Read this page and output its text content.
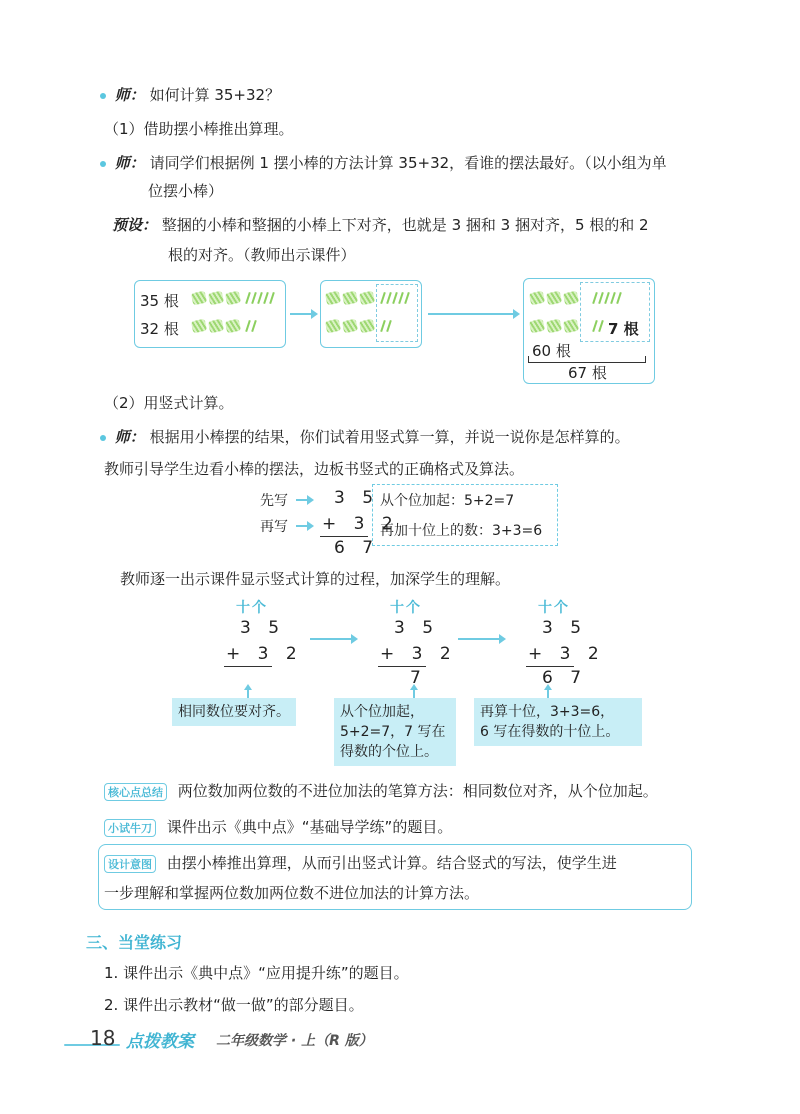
师： 如何计算 35+32？
（1）借助摆小棒推出算理。
师： 请同学们根据例 1 摆小棒的方法计算 35+32，看谁的摆法最好。（以小组为单
位摆小棒）
预设： 整捆的小棒和整捆的小棒上下对齐，也就是 3 捆和 3 捆对齐，5 根的和 2
根的对齐。（教师出示课件）
35 根
32 根	7 根
60 根
67 根
（2）用竖式计算。
师： 根据用小棒摆的结果，你们试着用竖式算一算，并说一说你是怎样算的。
教师引导学生边看小棒的摆法，边板书竖式的正确格式及算法。
先写	3 5
再写 + 3 2
6 7
从个位加起：5+2=7
再加十位上的数：3+3=6
教师逐一出示课件显示竖式计算的过程，加深学生的理解。
十个
3 5
+ 3 2
十个
3 5
+ 3 2
7
十个
3 5
+ 3 2
6 7
相同数位要对齐。	从个位加起，
5+2=7，7 写在
得数的个位上。
再算十位，3+3=6，
6 写在得数的十位上。
核心点总结 两位数加两位数的不进位加法的笔算方法：相同数位对齐，从个位加起。
小试牛刀 课件出示《典中点》“基础导学练”的题目。
设计意图 由摆小棒推出算理，从而引出竖式计算。结合竖式的写法，使学生进
一步理解和掌握两位数加两位数不进位加法的计算方法。
三、当堂练习
1. 课件出示《典中点》“应用提升练”的题目。
2. 课件出示教材“做一做”的部分题目。
18 点拨教案 二年级数学 · 上（R 版）
